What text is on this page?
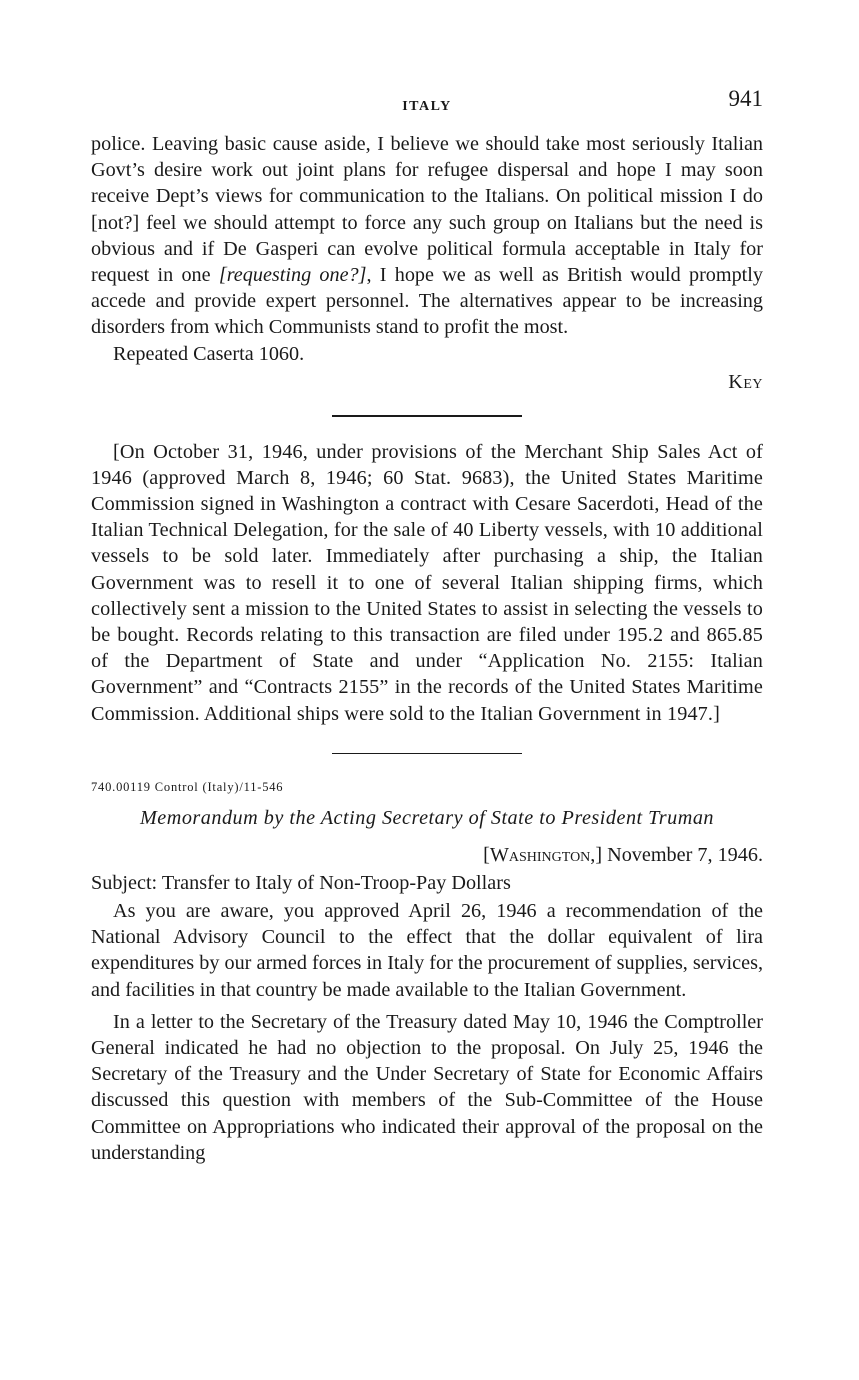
ITALY	941

police. Leaving basic cause aside, I believe we should take most seriously Italian Govt’s desire work out joint plans for refugee dispersal and hope I may soon receive Dept’s views for communication to the Italians. On political mission I do [not?] feel we should attempt to force any such group on Italians but the need is obvious and if De Gasperi can evolve political formula acceptable in Italy for request in one [requesting one?], I hope we as well as British would promptly accede and provide expert personnel. The alternatives appear to be increasing disorders from which Communists stand to profit the most.

Repeated Caserta 1060.

Key

[On October 31, 1946, under provisions of the Merchant Ship Sales Act of 1946 (approved March 8, 1946; 60 Stat. 9683), the United States Maritime Commission signed in Washington a contract with Cesare Sacerdoti, Head of the Italian Technical Delegation, for the sale of 40 Liberty vessels, with 10 additional vessels to be sold later. Immediately after purchasing a ship, the Italian Government was to resell it to one of several Italian shipping firms, which collectively sent a mission to the United States to assist in selecting the vessels to be bought. Records relating to this transaction are filed under 195.2 and 865.85 of the Department of State and under “Application No. 2155: Italian Government” and “Contracts 2155” in the records of the United States Maritime Commission. Additional ships were sold to the Italian Government in 1947.]

740.00119 Control (Italy)/11-546
Memorandum by the Acting Secretary of State to President Truman
[Washington,] November 7, 1946.

Subject: Transfer to Italy of Non-Troop-Pay Dollars

As you are aware, you approved April 26, 1946 a recommendation of the National Advisory Council to the effect that the dollar equivalent of lira expenditures by our armed forces in Italy for the procurement of supplies, services, and facilities in that country be made available to the Italian Government.

In a letter to the Secretary of the Treasury dated May 10, 1946 the Comptroller General indicated he had no objection to the proposal. On July 25, 1946 the Secretary of the Treasury and the Under Secretary of State for Economic Affairs discussed this question with members of the Sub-Committee of the House Committee on Appropriations who indicated their approval of the proposal on the understanding
